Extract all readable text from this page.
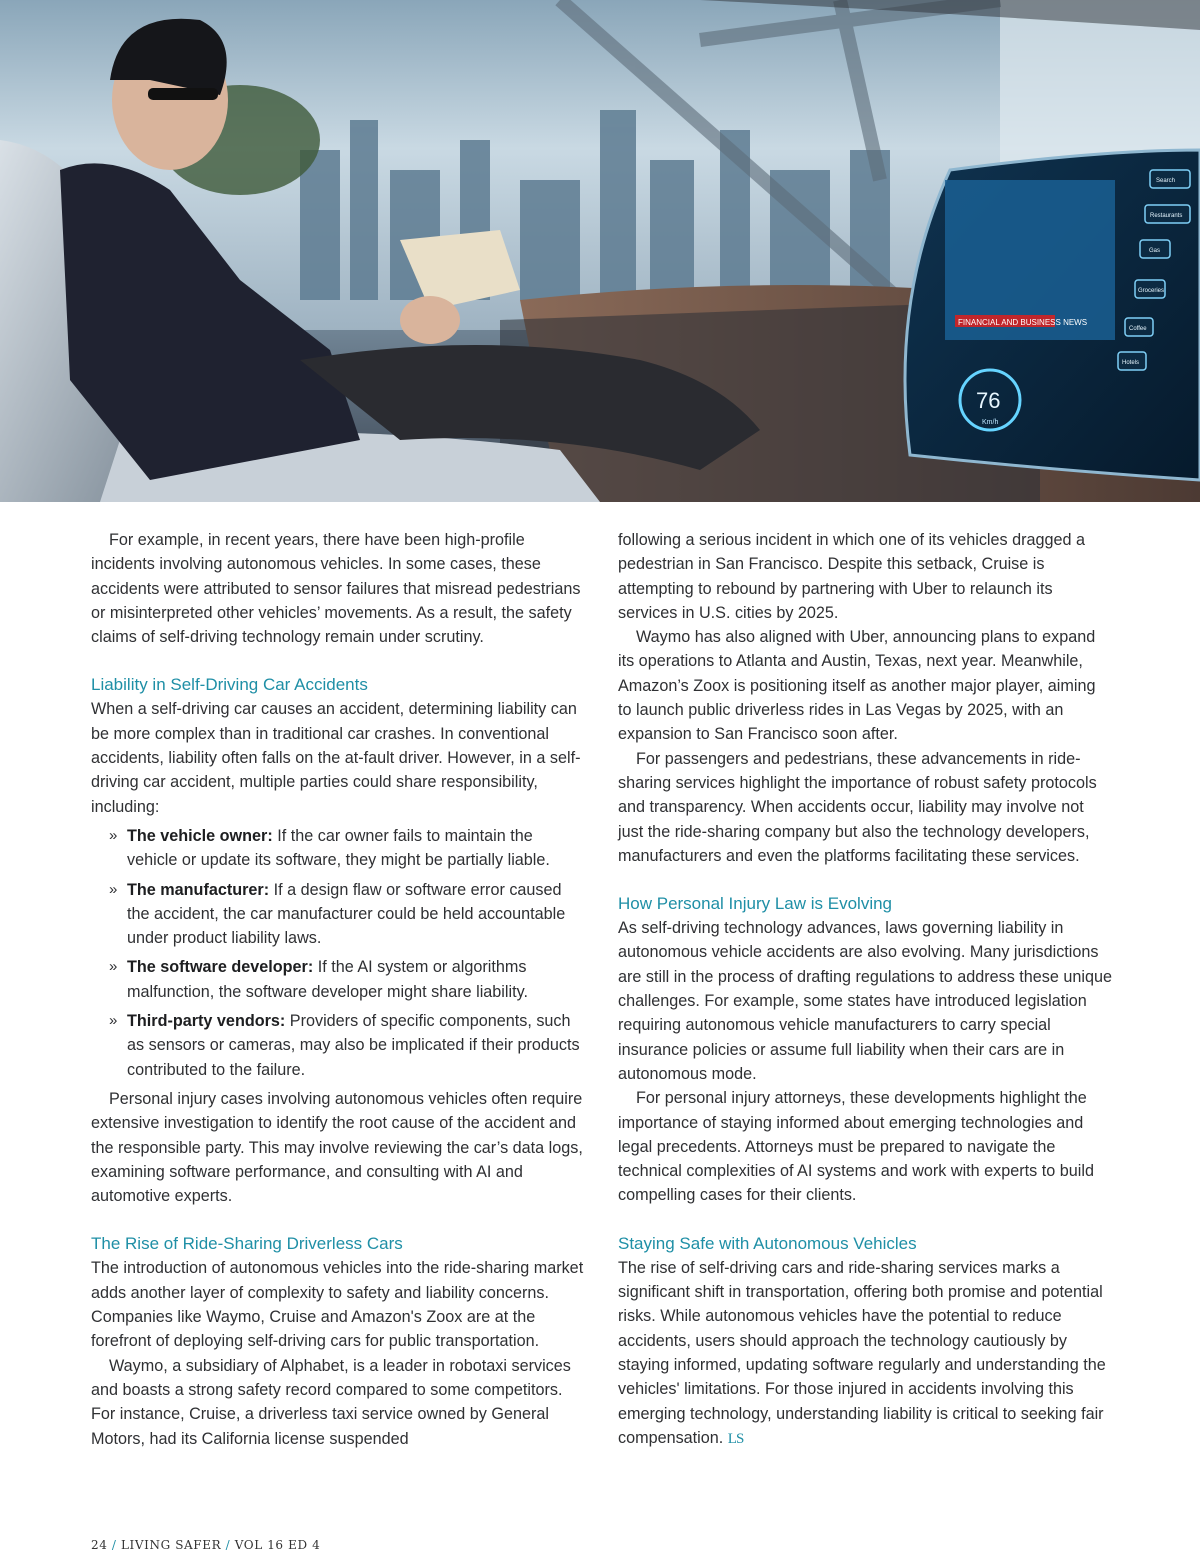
FINANCIAL AND BUSINESS NEWS
76
Km/h
Search
Restaurants
Gas
Groceries
Coffee
Hotels

For example, in recent years, there have been high-profile incidents involving autonomous vehicles. In some cases, these accidents were attributed to sensor failures that misread pedestrians or misinterpreted other vehicles’ movements. As a result, the safety claims of self-driving technology remain under scrutiny.

Liability in Self-Driving Car Accidents

When a self-driving car causes an accident, determining liability can be more complex than in traditional car crashes. In conventional accidents, liability often falls on the at-fault driver. However, in a self-driving car accident, multiple parties could share responsibility, including:

» The vehicle owner: If the car owner fails to maintain the vehicle or update its software, they might be partially liable.
» The manufacturer: If a design flaw or software error caused the accident, the car manufacturer could be held accountable under product liability laws.
» The software developer: If the AI system or algorithms malfunction, the software developer might share liability.
» Third-party vendors: Providers of specific components, such as sensors or cameras, may also be implicated if their products contributed to the failure.

Personal injury cases involving autonomous vehicles often require extensive investigation to identify the root cause of the accident and the responsible party. This may involve reviewing the car’s data logs, examining software performance, and consulting with AI and automotive experts.

The Rise of Ride-Sharing Driverless Cars

The introduction of autonomous vehicles into the ride-sharing market adds another layer of complexity to safety and liability concerns. Companies like Waymo, Cruise and Amazon's Zoox are at the forefront of deploying self-driving cars for public transportation.

Waymo, a subsidiary of Alphabet, is a leader in robotaxi services and boasts a strong safety record compared to some competitors. For instance, Cruise, a driverless taxi service owned by General Motors, had its California license suspended

following a serious incident in which one of its vehicles dragged a pedestrian in San Francisco. Despite this setback, Cruise is attempting to rebound by partnering with Uber to relaunch its services in U.S. cities by 2025.

Waymo has also aligned with Uber, announcing plans to expand its operations to Atlanta and Austin, Texas, next year. Meanwhile, Amazon’s Zoox is positioning itself as another major player, aiming to launch public driverless rides in Las Vegas by 2025, with an expansion to San Francisco soon after.

For passengers and pedestrians, these advancements in ride-sharing services highlight the importance of robust safety protocols and transparency. When accidents occur, liability may involve not just the ride-sharing company but also the technology developers, manufacturers and even the platforms facilitating these services.

How Personal Injury Law is Evolving

As self-driving technology advances, laws governing liability in autonomous vehicle accidents are also evolving. Many jurisdictions are still in the process of drafting regulations to address these unique challenges. For example, some states have introduced legislation requiring autonomous vehicle manufacturers to carry special insurance policies or assume full liability when their cars are in autonomous mode.

For personal injury attorneys, these developments highlight the importance of staying informed about emerging technologies and legal precedents. Attorneys must be prepared to navigate the technical complexities of AI systems and work with experts to build compelling cases for their clients.

Staying Safe with Autonomous Vehicles

The rise of self-driving cars and ride-sharing services marks a significant shift in transportation, offering both promise and potential risks. While autonomous vehicles have the potential to reduce accidents, users should approach the technology cautiously by staying informed, updating software regularly and understanding the vehicles' limitations. For those injured in accidents involving this emerging technology, understanding liability is critical to seeking fair compensation. LS

24 / LIVING SAFER / VOL 16 ED 4
